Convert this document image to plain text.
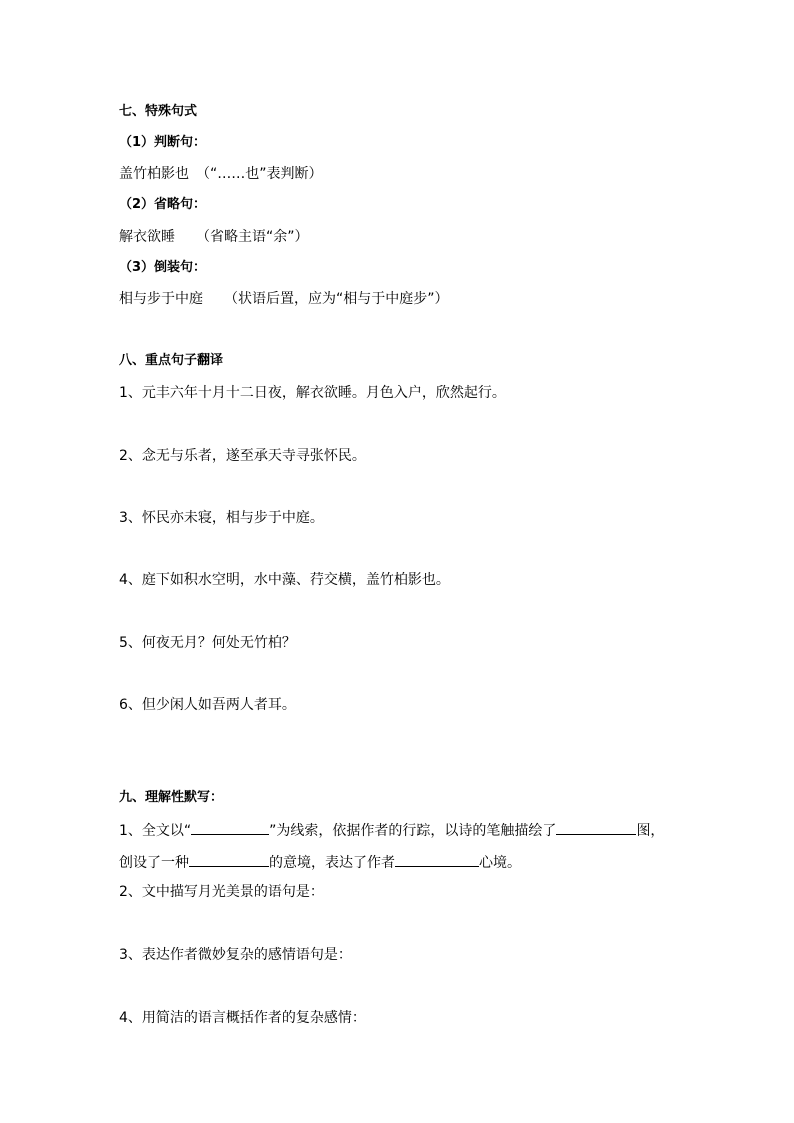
七、特殊句式
（1）判断句：
盖竹柏影也　（“……也”表判断）
（2）省略句：
解衣欲睡　　（省略主语“余”）
（3）倒装句：
相与步于中庭　　（状语后置，应为“相与于中庭步”）
八、重点句子翻译
1、元丰六年十月十二日夜，解衣欲睡。月色入户，欣然起行。
2、念无与乐者，遂至承天寺寻张怀民。
3、怀民亦未寝，相与步于中庭。
4、庭下如积水空明，水中藻、荇交横，盖竹柏影也。
5、何夜无月？何处无竹柏？
6、但少闲人如吾两人者耳。
九、理解性默写：
1、全文以“	”为线索，依据作者的行踪，以诗的笔触描绘了	图，
创设了一种	的意境，表达了作者	心境。
2、文中描写月光美景的语句是：
3、表达作者微妙复杂的感情语句是：
4、用简洁的语言概括作者的复杂感情：
